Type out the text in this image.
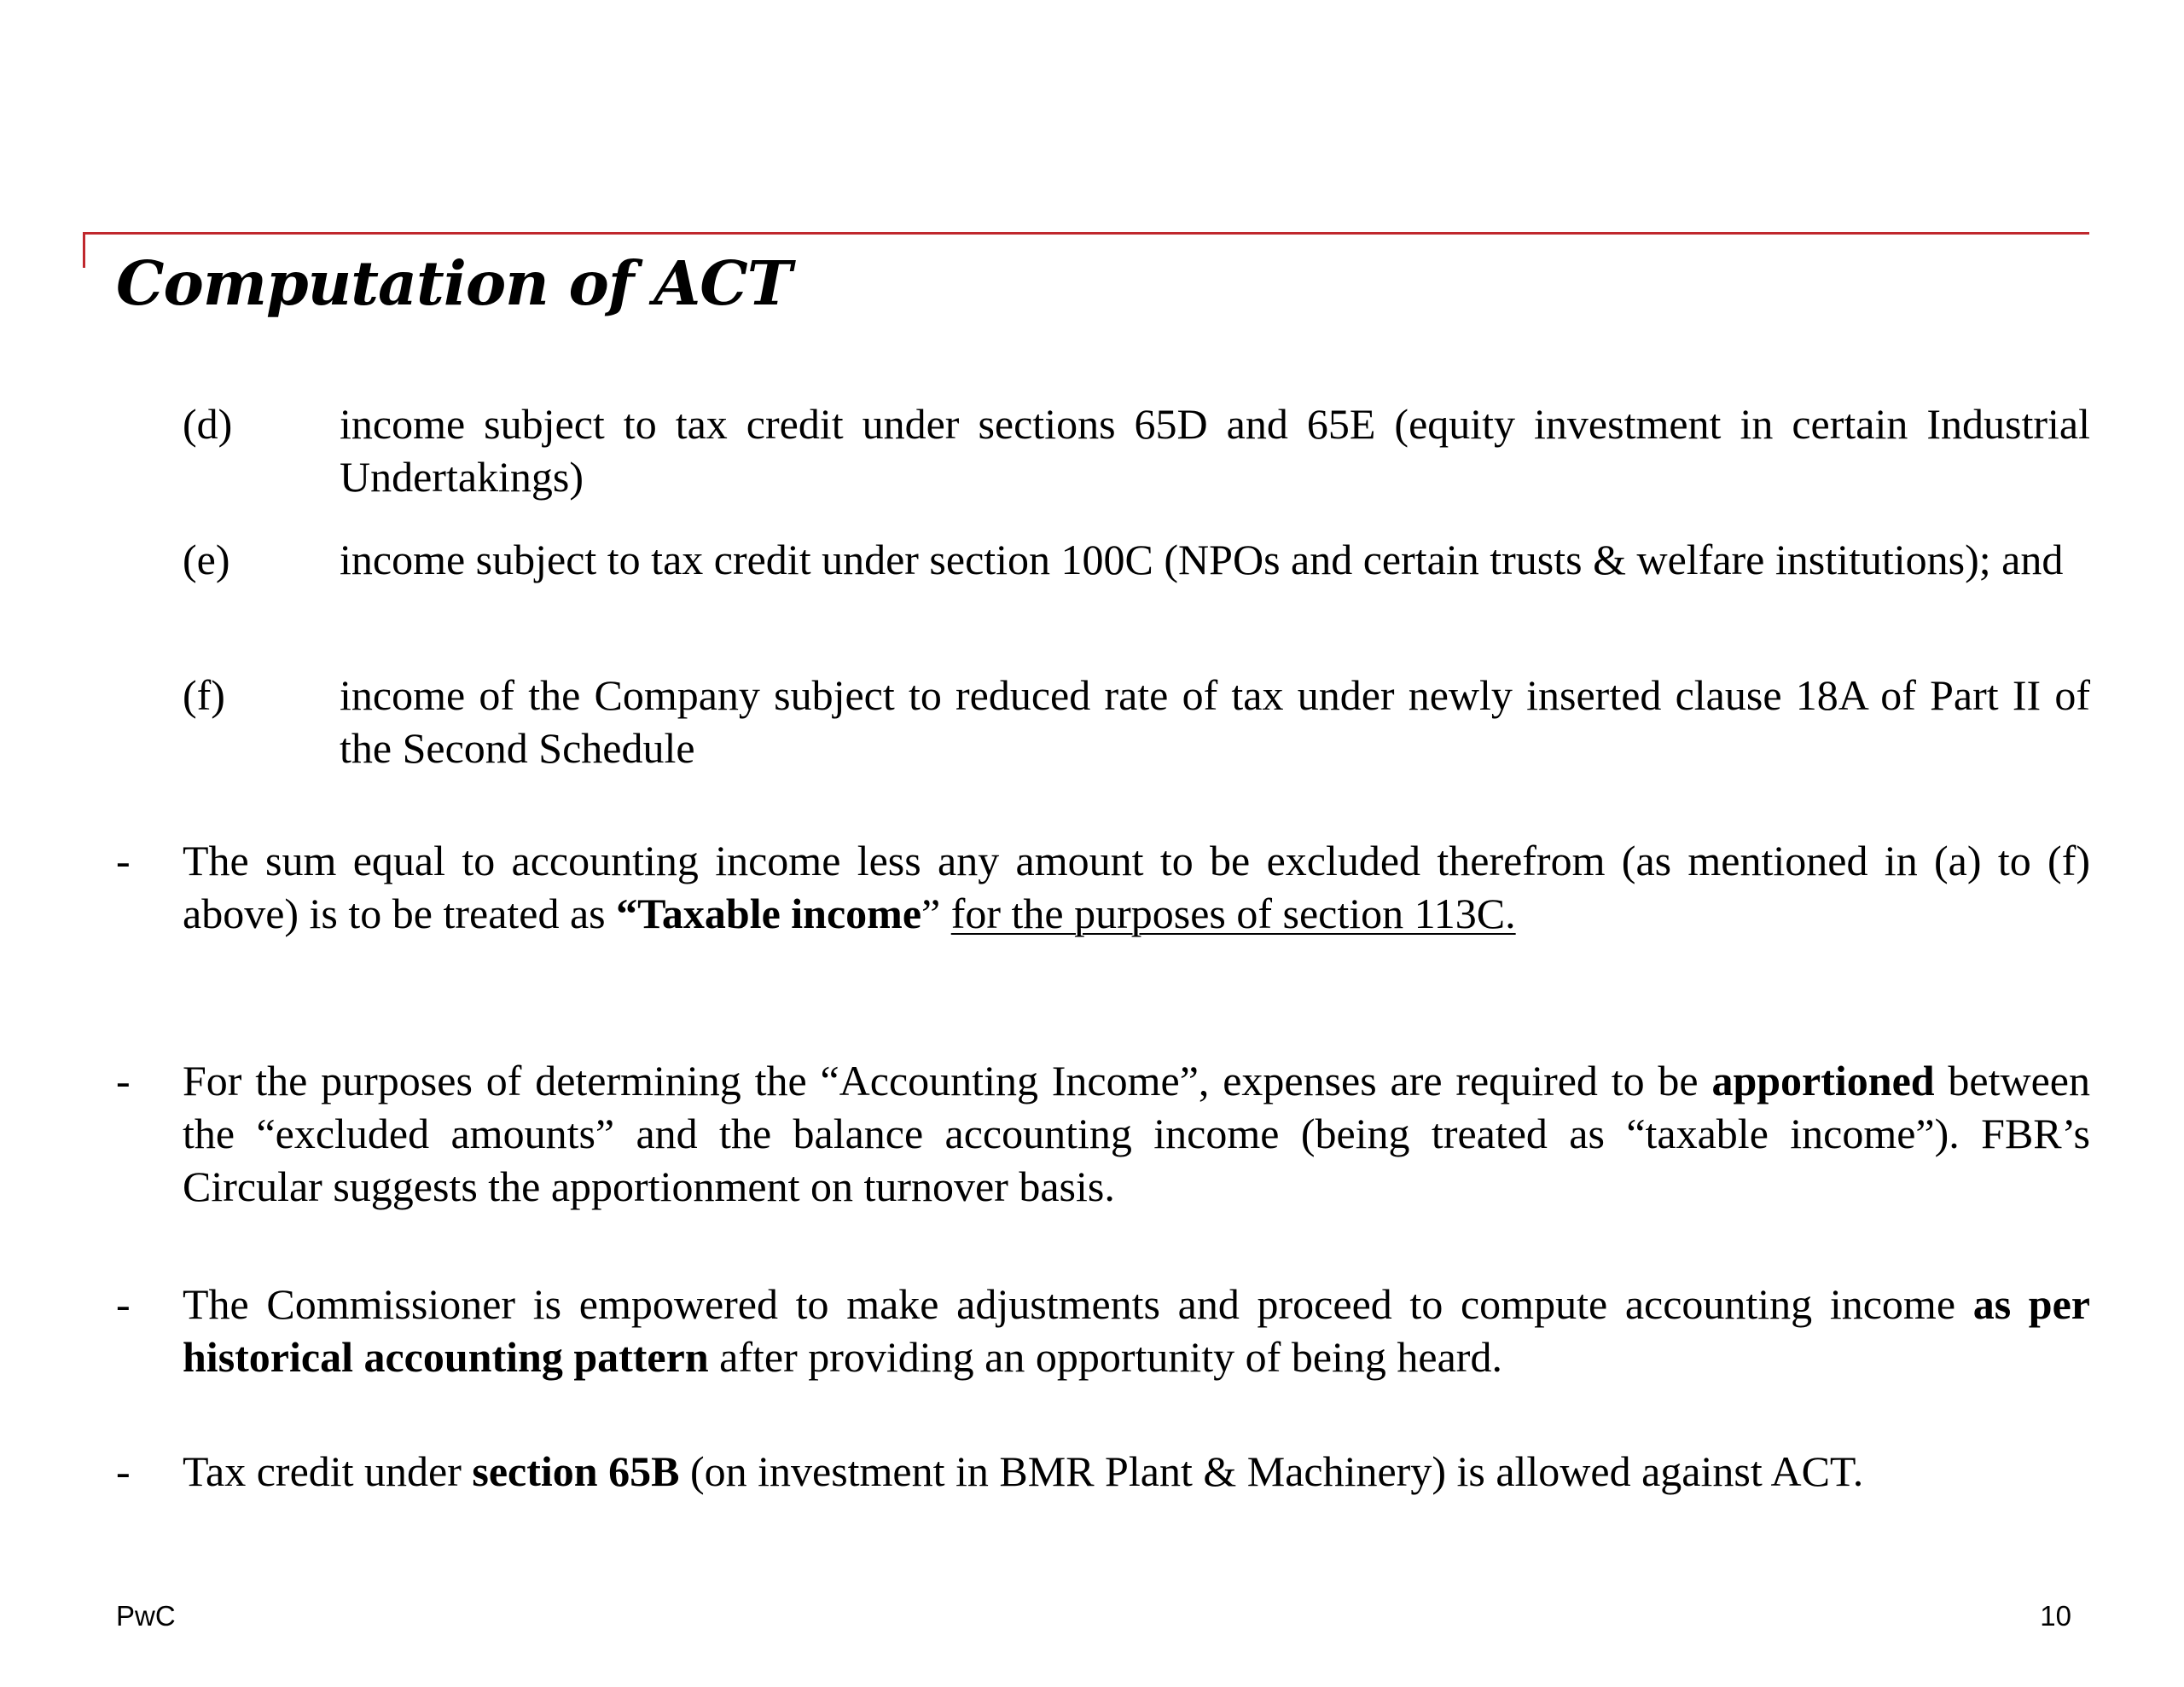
Computation of ACT
(d)	income subject to tax credit under sections 65D and 65E (equity investment in certain Industrial Undertakings)
(e)	income subject to tax credit under section 100C (NPOs and certain trusts & welfare institutions); and
(f)	income of the Company subject to reduced rate of tax under newly inserted clause 18A of Part II of the Second Schedule
- The sum equal to accounting income less any amount to be excluded therefrom (as mentioned in (a) to (f) above) is to be treated as “Taxable income” for the purposes of section 113C.
- For the purposes of determining the “Accounting Income”, expenses are required to be apportioned between the “excluded amounts” and the balance accounting income (being treated as “taxable income”). FBR’s Circular suggests the apportionment on turnover basis.
- The Commissioner is empowered to make adjustments and proceed to compute accounting income as per historical accounting pattern after providing an opportunity of being heard.
- Tax credit under section 65B (on investment in BMR Plant & Machinery) is allowed against ACT.
PwC	10
